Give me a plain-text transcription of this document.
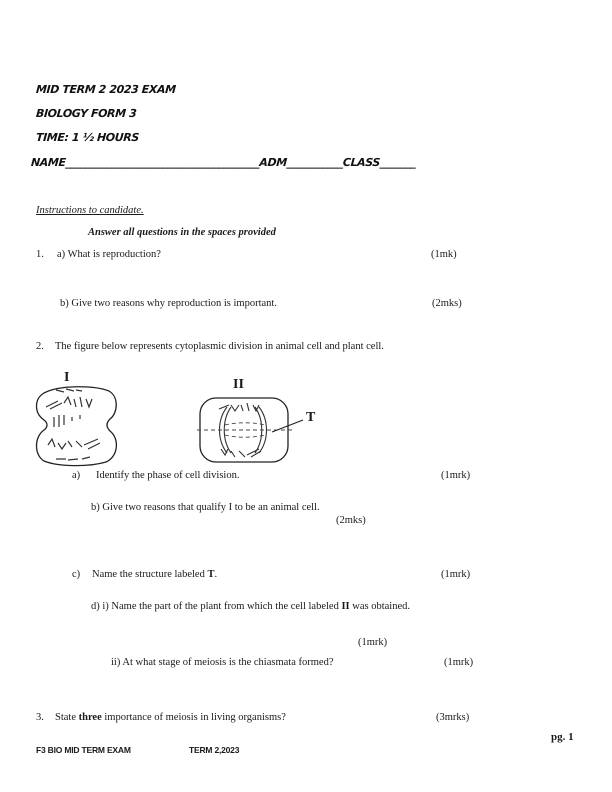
MID TERM 2 2023 EXAM
BIOLOGY FORM 3
TIME: 1 ½ HOURS
NAME______________________________________ADM___________CLASS_______
Instructions to candidate.
Answer all questions in the spaces provided
1. a) What is reproduction?	(1mk)
b) Give two reasons why reproduction is important.	(2mks)
2. The figure below represents cytoplasmic division in animal cell and plant cell.
I	II
T
a) Identify the phase of cell division.	(1mrk)
b) Give two reasons that qualify I to be an animal cell.
(2mks)
c) Name the structure labeled T.	(1mrk)
d) i) Name the part of the plant from which the cell labeled II was obtained.
(1mrk)
ii) At what stage of meiosis is the chiasmata formed?	(1mrk)
3. State three importance of meiosis in living organisms?	(3mrks)
pg. 1
F3 BIO MID TERM EXAM	TERM 2,2023
